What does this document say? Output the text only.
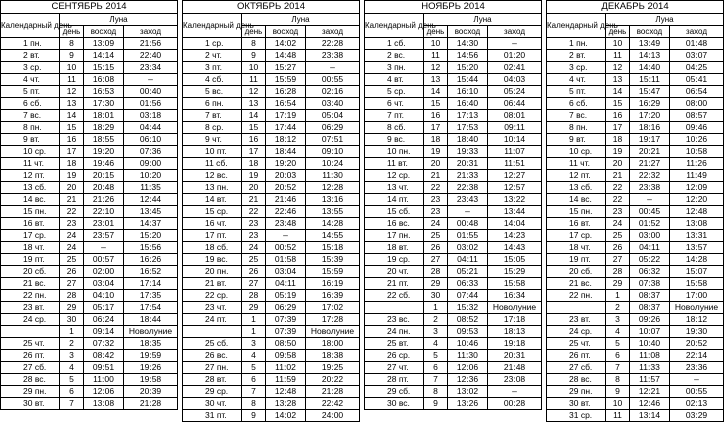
СЕНТЯБРЬ 2014			
Календарный день	Луна		
	день	восход	заход
1 пн.	8	13:09	21:56
2 вт.	9	14:14	22:40
3 ср.	10	15:15	23:34
4 чт.	11	16:08	–
5 пт.	12	16:53	00:40
6 сб.	13	17:30	01:56
7 вс.	14	18:01	03:18
8 пн.	15	18:29	04:44
9 вт.	16	18:55	06:10
10 ср.	17	19:20	07:36
11 чт.	18	19:46	09:00
12 пт.	19	20:15	10:20
13 сб.	20	20:48	11:35
14 вс.	21	21:26	12:44
15 пн.	22	22:10	13:45
16 вт.	23	23:01	14:37
17 ср.	24	23:57	15:20
18 чт.	24	–	15:56
19 пт.	25	00:57	16:26
20 сб.	26	02:00	16:52
21 вс.	27	03:04	17:14
22 пн.	28	04:10	17:35
23 вт.	29	05:17	17:54
24 ср.	30	06:24	18:44
	1	09:14	Новолуние
25 чт.	2	07:32	18:35
26 пт.	3	08:42	19:59
27 сб.	4	09:51	19:26
28 вс.	5	11:00	19:58
29 пн.	6	12:06	20:39
30 вт.	7	13:08	21:28
ОКТЯБРЬ 2014			
Календарный день	Луна		
	день	восход	заход
1 ср.	8	14:02	22:28
2 чт.	9	14:48	23:38
3 пт.	10	15:27	–
4 сб.	11	15:59	00:55
5 вс.	12	16:28	02:16
6 пн.	13	16:54	03:40
7 вт.	14	17:19	05:04
8 ср.	15	17:44	06:29
9 чт.	16	18:12	07:51
10 пт.	17	18:44	09:10
11 сб.	18	19:20	10:24
12 вс.	19	20:03	11:30
13 пн.	20	20:52	12:28
14 вт.	21	21:46	13:16
15 ср.	22	22:46	13:55
16 чт.	23	23:48	14:28
17 пт.	23	–	14:55
18 сб.	24	00:52	15:18
19 вс.	25	01:58	15:39
20 пн.	26	03:04	15:59
21 вт.	27	04:11	16:19
22 ср.	28	05:19	16:39
23 чт.	29	06:29	17:02
24 пт.	1	07:39	17:28
	1	07:39	Новолуние
25 сб.	3	08:50	18:00
26 вс.	4	09:58	18:38
27 пн.	5	11:02	19:25
28 вт.	6	11:59	20:22
29 ср.	7	12:48	21:28
30 чт.	8	13:28	22:42
31 пт.	9	14:02	24:00
НОЯБРЬ 2014			
Календарный день	Луна		
	день	восход	заход
1 сб.	10	14:30	–
2 вс.	11	14:56	01:20
3 пн.	12	15:20	02:41
4 вт.	13	15:44	04:03
5 ср.	14	16:10	05:24
6 чт.	15	16:40	06:44
7 пт.	16	17:13	08:01
8 сб.	17	17:53	09:11
9 вс.	18	18:40	10:14
10 пн.	19	19:33	11:07
11 вт.	20	20:31	11:51
12 ср.	21	21:33	12:27
13 чт.	22	22:38	12:57
14 пт.	23	23:43	13:22
15 сб.	23	–	13:44
16 вс.	24	00:48	14:04
17 пн.	25	01:55	14:23
18 вт.	26	03:02	14:43
19 ср.	27	04:11	15:05
20 чт.	28	05:21	15:29
21 пт.	29	06:33	15:58
22 сб.	30	07:44	16:34
	1	15:32	Новолуние
23 вс.	2	08:52	17:18
24 пн.	3	09:53	18:13
25 вт.	4	10:46	19:18
26 ср.	5	11:30	20:31
27 чт.	6	12:06	21:48
28 пт.	7	12:36	23:08
29 сб.	8	13:02	–
30 вс.	9	13:26	00:28
ДЕКАБРЬ 2014			
Календарный день	Луна		
	день	восход	заход
1 пн.	10	13:49	01:48
2 вт.	11	14:13	03:07
3 ср.	12	14:40	04:25
4 чт.	13	15:11	05:41
5 пт.	14	15:47	06:54
6 сб.	15	16:29	08:00
7 вс.	16	17:20	08:57
8 пн.	17	18:16	09:46
9 вт.	18	19:17	10:26
10 ср.	19	20:21	10:58
11 чт.	20	21:27	11:26
12 пт.	21	22:32	11:49
13 сб.	22	23:38	12:09
14 вс.	22	–	12:20
15 пн.	23	00:45	12:48
16 вт.	24	01:52	13:08
17 ср.	25	03:00	13:31
18 чт.	26	04:11	13:57
19 пт.	27	05:22	14:28
20 сб.	28	06:32	15:07
21 вс.	29	07:38	15:58
22 пн.	1	08:37	17:00
	2	08:37	Новолуние
23 вт.	3	09:26	18:12
24 ср.	4	10:07	19:30
25 чт.	5	10:40	20:52
26 пт.	6	11:08	22:14
27 сб.	7	11:33	23:36
28 вс.	8	11:57	–
29 пн.	9	12:21	00:55
30 вт.	10	12:46	02:13
31 ср.	11	13:14	03:29
